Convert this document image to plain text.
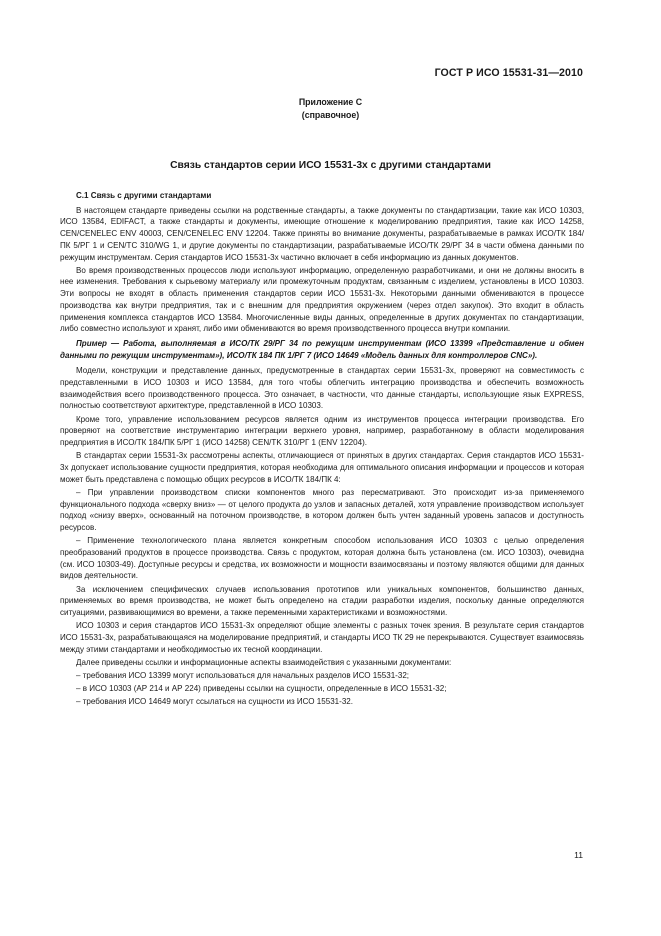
ГОСТ Р ИСО 15531-31—2010
Приложение С
(справочное)
Связь стандартов серии ИСО 15531-3х с другими стандартами

С.1 Связь с другими стандартами

В настоящем стандарте приведены ссылки на родственные стандарты, а также документы по стандартизации, такие как ИСО 10303, ИСО 13584, EDIFACT, а также стандарты и документы, имеющие отношение к моделированию предприятия, такие как ИСО 14258, CEN/CENELEC ENV 40003, CEN/CENELEC ENV 12204. Также приняты во внимание документы, разрабатываемые в рамках ИСО/ТК 184/ПК 5/РГ 1 и CEN/TC 310/WG 1, и другие документы по стандартизации, разрабатываемые ИСО/ТК 29/РГ 34 в части обмена данными по режущим инструментам. Серия стандартов ИСО 15531-3х частично включает в себя информацию из данных документов.

Во время производственных процессов люди используют информацию, определенную разработчиками, и они не должны вносить в нее изменения. Требования к сырьевому материалу или промежуточным продуктам, связанным с изделием, установлены в ИСО 10303. Эти вопросы не входят в область применения стандартов серии ИСО 15531-3х. Некоторыми данными обмениваются в процессе производства как внутри предприятия, так и с внешним для предприятия окружением (через отдел закупок). Это входит в область применения комплекса стандартов ИСО 13584. Многочисленные виды данных, определенные в других документах по стандартизации, либо совместно используют и хранят, либо ими обмениваются во время производственного процесса внутри компании.

Пример — Работа, выполняемая в ИСО/ТК 29/РГ 34 по режущим инструментам (ИСО 13399 «Представление и обмен данными по режущим инструментам»), ИСО/ТК 184 ПК 1/РГ 7 (ИСО 14649 «Модель данных для контроллеров CNC»).

Модели, конструкции и представление данных, предусмотренные в стандартах серии 15531-3х, проверяют на совместимость с представленными в ИСО 10303 и ИСО 13584, для того чтобы облегчить интеграцию производства и обеспечить возможность взаимодействия всего производственного процесса. Это означает, в частности, что данные стандарты, использующие язык EXPRESS, полностью соответствуют архитектуре, представленной в ИСО 10303.

Кроме того, управление использованием ресурсов является одним из инструментов процесса интеграции производства. Его проверяют на соответствие инструментарию интеграции верхнего уровня, например, разработанному в области моделирования предприятия в ИСО/ТК 184/ПК 5/РГ 1 (ИСО 14258) CEN/TK 310/РГ 1 (ENV 12204).

В стандартах серии 15531-3х рассмотрены аспекты, отличающиеся от принятых в других стандартах. Серия стандартов ИСО 15531-3х допускает использование сущности предприятия, которая необходима для оптимального описания информации и процессов и которая может быть представлена с помощью общих ресурсов в ИСО/ТК 184/ПК 4:

– При управлении производством списки компонентов много раз пересматривают. Это происходит из-за применяемого функционального подхода «сверху вниз» — от целого продукта до узлов и запасных деталей, хотя управление производством использует подход «снизу вверх», основанный на поточном производстве, в котором должен быть учтен заданный уровень запасов и доступность ресурсов.

– Применение технологического плана является конкретным способом использования ИСО 10303 с целью определения преобразований продуктов в процессе производства. Связь с продуктом, которая должна быть установлена (см. ИСО 10303), очевидна (см. ИСО 10303-49). Доступные ресурсы и средства, их возможности и мощности взаимосвязаны и поэтому являются общими для данных видов деятельности.

За исключением специфических случаев использования прототипов или уникальных компонентов, большинство данных, применяемых во время производства, не может быть определено на стадии разработки изделия, поскольку данные определяются ситуациями, развивающимися во времени, а также переменными характеристиками и возможностями.

ИСО 10303 и серия стандартов ИСО 15531-3х определяют общие элементы с разных точек зрения. В результате серия стандартов ИСО 15531-3х, разрабатывающаяся на моделирование предприятий, и стандарты ИСО ТК 29 не перекрываются. Существует взаимосвязь между этими стандартами и необходимостью их тесной координации.

Далее приведены ссылки и информационные аспекты взаимодействия с указанными документами:

– требования ИСО 13399 могут использоваться для начальных разделов ИСО 15531-32;

– в ИСО 10303 (АР 214 и АР 224) приведены ссылки на сущности, определенные в ИСО 15531-32;

– требования ИСО 14649 могут ссылаться на сущности из ИСО 15531-32.

11
